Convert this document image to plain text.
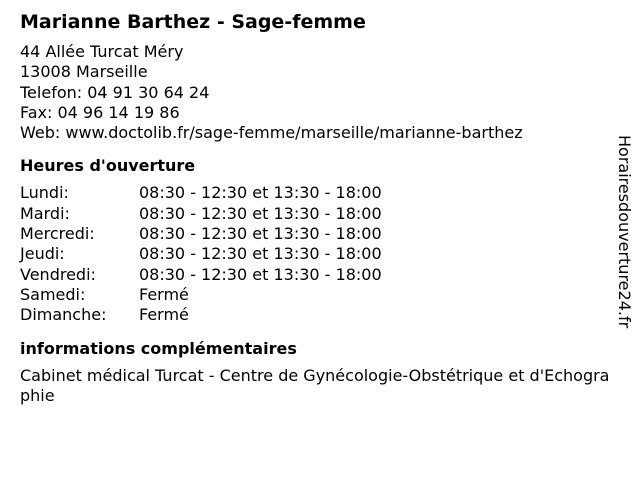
Marianne Barthez - Sage-femme
44 Allée Turcat Méry
13008 Marseille
Telefon: 04 91 30 64 24
Fax: 04 96 14 19 86
Web: www.doctolib.fr/sage-femme/marseille/marianne-barthez
Heures d'ouverture
Lundi:	08:30 - 12:30 et 13:30 - 18:00
Mardi:	08:30 - 12:30 et 13:30 - 18:00
Mercredi:	08:30 - 12:30 et 13:30 - 18:00
Jeudi:	08:30 - 12:30 et 13:30 - 18:00
Vendredi:	08:30 - 12:30 et 13:30 - 18:00
Samedi:	Fermé
Dimanche:	Fermé
informations complémentaires
Cabinet médical Turcat - Centre de Gynécologie-Obstétrique et d'Echographie
Horairesdouverture24.fr
